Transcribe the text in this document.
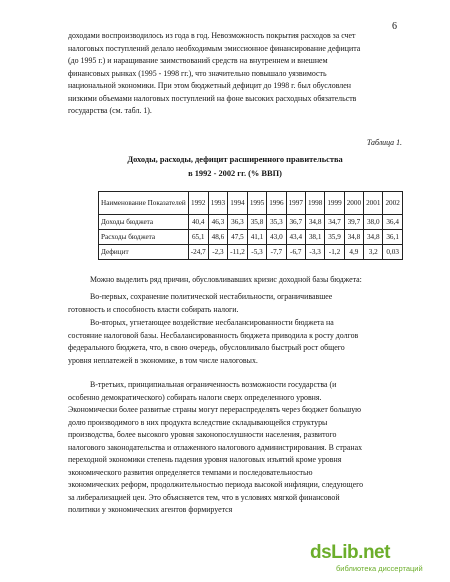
6

доходами воспроизводилось из года в год. Невозможность покрытия расходов за счет
налоговых поступлений делало необходимым эмиссионное финансирование дефицита
(до 1995 г.) и наращивание заимствований средств на внутреннем и внешнем
финансовых рынках (1995 - 1998 гг.), что значительно повышало уязвимость
национальной экономики. При этом бюджетный дефицит до 1998 г. был обусловлен
низкими объемами налоговых поступлений на фоне высоких расходных обязательств
государства (см. табл. 1).

Таблица 1.
Доходы, расходы, дефицит расширенного правительства
в 1992 - 2002 гг. (% ВВП)
Наименование Показателей	1992	1993	1994	1995	1996	1997	1998	1999	2000	2001	2002
Доходы бюджета	40,4	46,3	36,3	35,8	35,3	36,7	34,8	34,7	39,7	38,0	36,4
Расходы бюджета	65,1	48,6	47,5	41,1	43,0	43,4	38,1	35,9	34,8	34,8	36,1
Дефицит	-24,7	-2,3	-11,2	-5,3	-7,7	-6,7	-3,3	-1,2	4,9	3,2	0,03

Можно выделить ряд причин, обусловливавших кризис доходной базы бюджета:

Во-первых, сохранение политической нестабильности, ограничивавшее
готовность и способность власти собирать налоги.

Во-вторых, угнетающее воздействие несбалансированности бюджета на
состояние налоговой базы. Несбалансированность бюджета приводила к росту долгов
федерального бюджета, что, в свою очередь, обусловливало быстрый рост общего
уровня неплатежей в экономике, в том числе налоговых.

В-третьих, принципиальная ограниченность возможности государства (и
особенно демократического) собирать налоги сверх определенного уровня.
Экономически более развитые страны могут перераспределять через бюджет большую
долю производимого в них продукта вследствие складывающейся структуры
производства, более высокого уровня законопослушности населения, развитого
налогового законодательства и отлаженного налогового администрирования. В странах
переходной экономики степень падения уровня налоговых изъятий кроме уровня
экономического развития определяется темпами и последовательностью
экономических реформ, продолжительностью периода высокой инфляции, следующего
за либерализацией цен. Это объясняется тем, что в условиях мягкой финансовой
политики у экономических агентов формируется

dsLib.net
библиотека диссертаций
